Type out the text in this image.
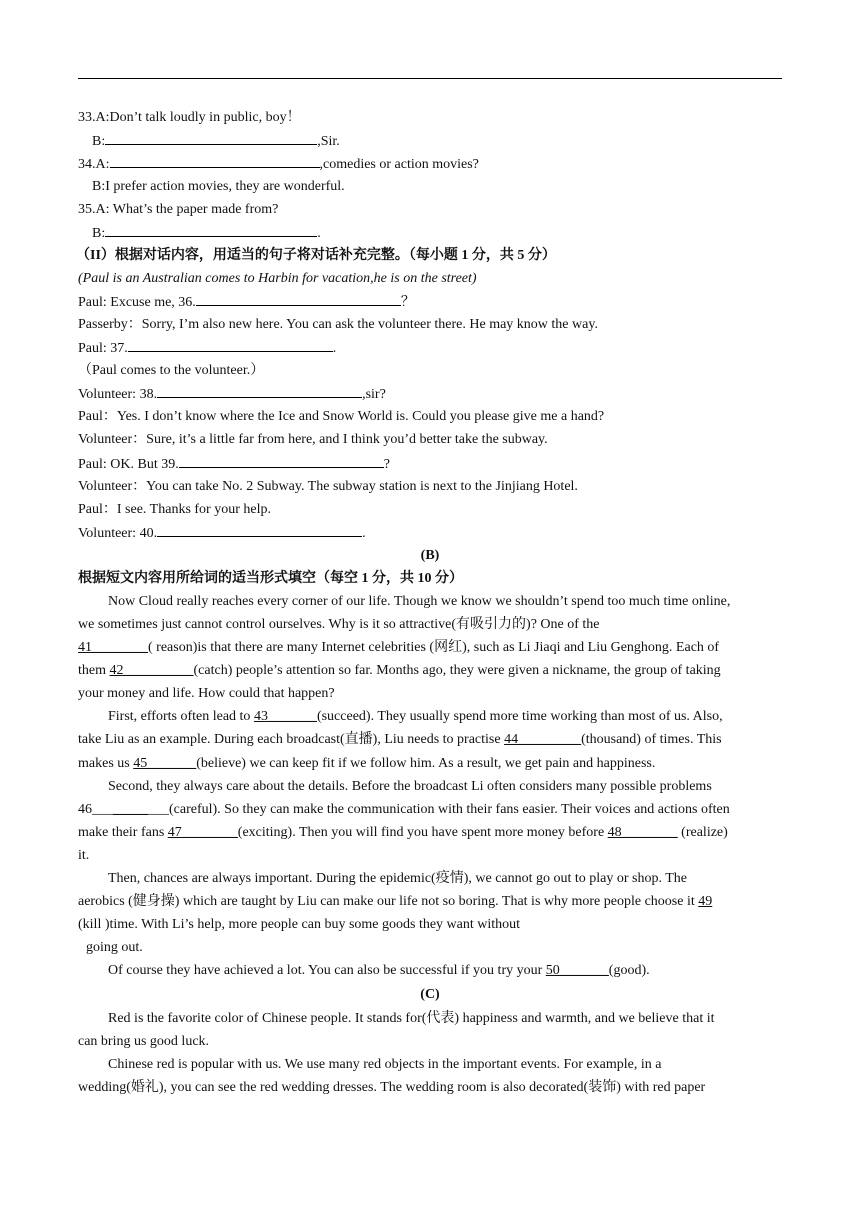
33.A:Don’t talk loudly in public, boy！
B:	,Sir.
34.A:	,comedies or action movies?
B:I prefer action movies, they are wonderful.
35.A: What’s the paper made from?
B:	.
（II）根据对话内容，用适当的句子将对话补充完整。（每小题 1 分，共 5 分）
(Paul is an Australian comes to Harbin for vacation,he is on the street)
Paul: Excuse me, 36.	？
Passerby：Sorry, I’m also new here. You can ask the volunteer there. He may know the way.
Paul: 37.	.
（Paul comes to the volunteer.）
Volunteer: 38.	,sir?
Paul：Yes. I don’t know where the Ice and Snow World is. Could you please give me a hand?
Volunteer：Sure, it’s a little far from here, and I think you’d better take the subway.
Paul: OK. But 39.	?
Volunteer：You can take No. 2 Subway. The subway station is next to the Jinjiang Hotel.
Paul：I see. Thanks for your help.
Volunteer: 40.	.
(B)
根据短文内容用所给词的适当形式填空（每空 1 分，共 10 分）
Now Cloud really reaches every corner of our life. Though we know we shouldn’t spend too much time online,
we sometimes just cannot control ourselves. Why is it so attractive(有吸引力的)? One of the
41________( reason)is that there are many Internet celebrities (网红), such as Li Jiaqi and Liu Genghong. Each of
them 42__________(catch) people’s attention so far. Months ago, they were given a nickname, the group of taking
your money and life. How could that happen?
First, efforts often lead to 43_______(succeed). They usually spend more time working than most of us. Also,
take Liu as an example. During each broadcast(直播), Liu needs to practise 44_________(thousand) of times. This
makes us 45_______(believe) we can keep fit if we follow him. As a result, we get pain and happiness.
Second, they always care about the details. Before the broadcast Li often considers many possible problems
46___________(careful). So they can make the communication with their fans easier. Their voices and actions often
make their fans 47________(exciting). Then you will find you have spent more money before 48________ (realize)
it.
Then, chances are always important. During the epidemic(疫情), we cannot go out to play or shop. The
aerobics (健身操) which are taught by Liu can make our life not so boring. That is why more people choose it 49
(kill )time. With Li’s help, more people can buy some goods they want without
going out.
Of course they have achieved a lot. You can also be successful if you try your 50_______(good).
(C)
Red is the favorite color of Chinese people. It stands for(代表) happiness and warmth, and we believe that it
can bring us good luck.
Chinese red is popular with us. We use many red objects in the important events. For example, in a
wedding(婚礼), you can see the red wedding dresses. The wedding room is also decorated(装饰) with red paper
